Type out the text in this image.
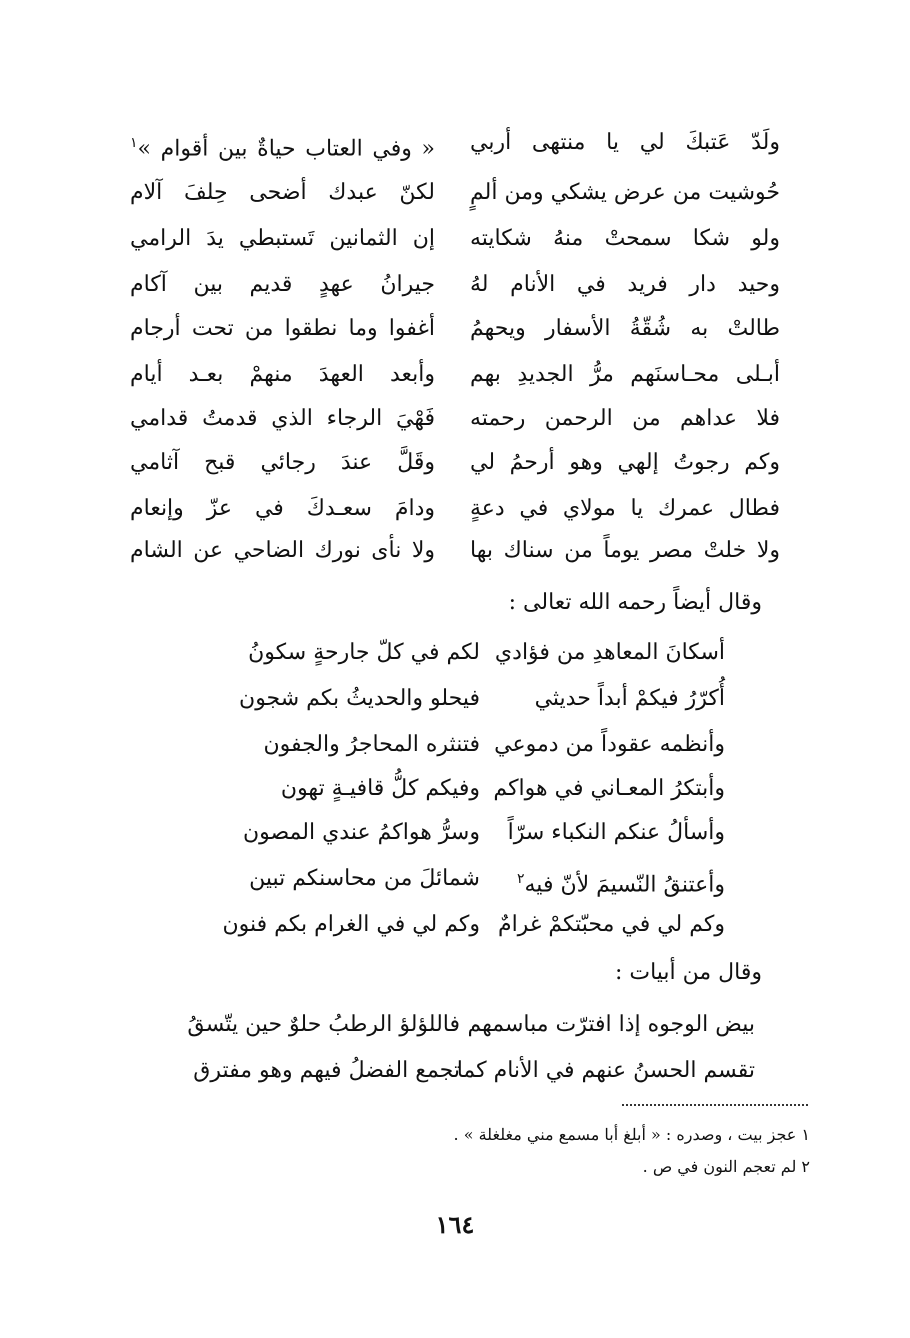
ولَدّ عَتبكَ لي يا منتهى أربي
« وفي العتاب حياةٌ بين أقوام »$^١$
حُوشيت من عرض يشكي ومن ألمٍ
لكنّ عبدك أضحى حِلفَ آلام
ولو شكا سمحتْ منهُ شكايته
إن الثمانين تَستبطي يدَ الرامي
وحيد دار فريد في الأنام لهُ
جيرانُ عهدٍ قديم بين آكام
طالتْ به شُقّةُ الأسفار ويحهمُ
أغفوا وما نطقوا من تحت أرجام
أبـلى محـاسنَهم مرُّ الجديدِ بهم
وأبعد العهدَ منهمْ بعـد أيام
فلا عداهم من الرحمن رحمته
فَهْيَ الرجاء الذي قدمتُ قدامي
وكم رجوتُ إلهي وهو أرحمُ لي
وقَلَّ عندَ رجائي قبح آثامي
فطال عمرك يا مولاي في دعةٍ
ودامَ سعـدكَ في عزّ وإنعام
ولا خلتْ مصر يوماً من سناك بها
ولا نأى نورك الضاحي عن الشام
وقال أيضاً رحمه الله تعالى :
أسكانَ المعاهدِ من فؤادي
لكم في كلّ جارحةٍ سكونُ
أُكرّرُ فيكمْ أبداً حديثي
فيحلو والحديثُ بكم شجون
وأنظمه عقوداً من دموعي
فتنثره المحاجرُ والجفون
وأبتكرُ المعـاني في هواكم
وفيكم كلُّ قافيـةٍ تهون
وأسألُ عنكم النكباء سرّاً
وسرُّ هواكمُ عندي المصون
وأعتنقُ النّسيمَ لأنّ فيه$^٢$
شمائلَ من محاسنكم تبين
وكم لي في محبّتكمْ غرامٌ
وكم لي في الغرام بكم فنون
وقال من أبيات :
بيض الوجوه إذا افترّت مباسمهم
فاللؤلؤ الرطبُ حلوٌ حين يتّسقُ
تقسم الحسنُ عنهم في الأنام كما
تجمع الفضلُ فيهم وهو مفترق
١ عجز بيت ، وصدره : « أبلغ أبا مسمع مني مغلغلة » .
٢ لم تعجم النون في ص .
١٦٤
